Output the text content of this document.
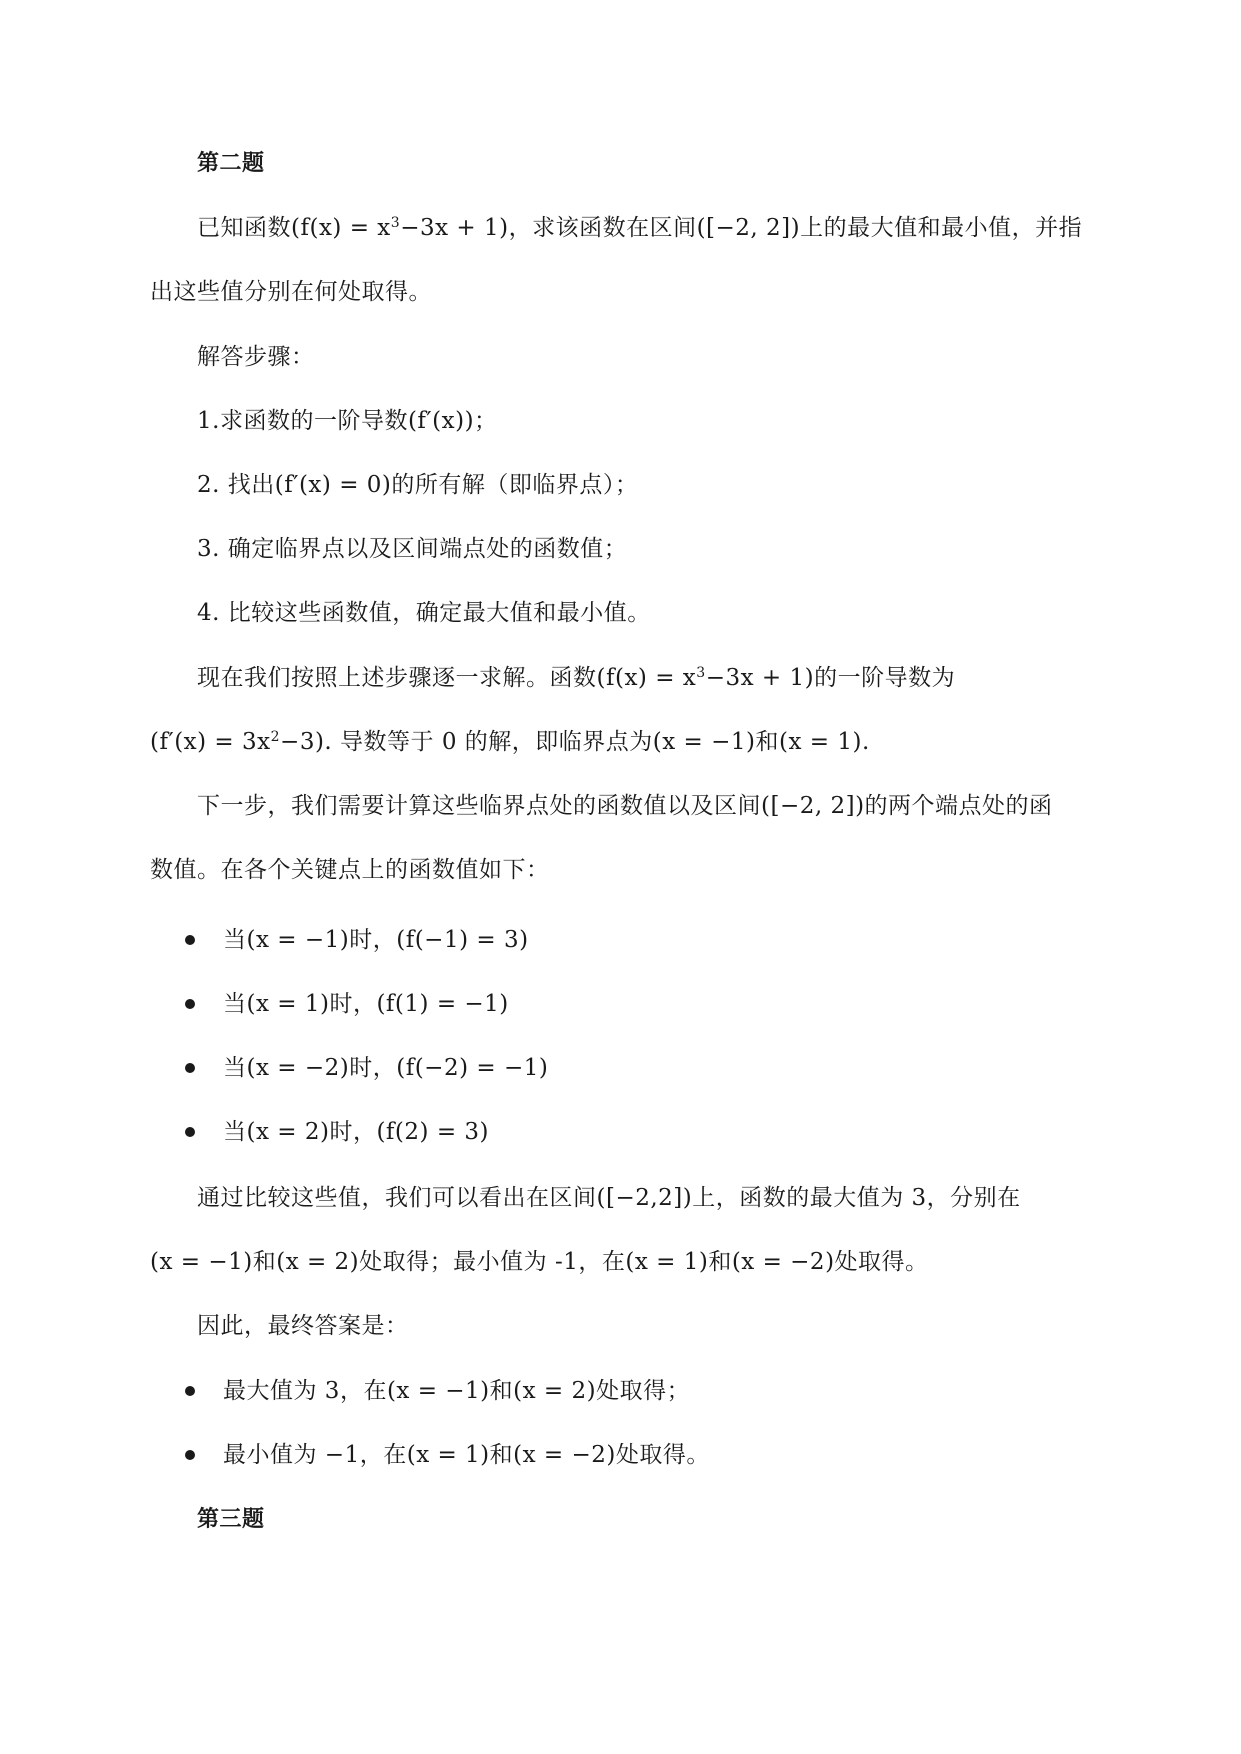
第二题
已知函数$(f(x) = x^3-3x + 1)$，求该函数在区间([−2, 2])上的最大值和最小值，并指
出这些值分别在何处取得。
解答步骤：
1.求函数的一阶导数(f′(x))；
2. 找出(f′(x) = 0)的所有解（即临界点）；
3. 确定临界点以及区间端点处的函数值；
4. 比较这些函数值，确定最大值和最小值。
现在我们按照上述步骤逐一求解。函数$(f(x) = x^3-3x + 1)$的一阶导数为
$(f'(x) = 3x^2-3)$. 导数等于 0 的解，即临界点为(x = −1)和(x = 1).
下一步，我们需要计算这些临界点处的函数值以及区间([−2, 2])的两个端点处的函
数值。在各个关键点上的函数值如下：
当(x = −1)时，(f(−1) = 3)
当(x = 1)时，(f(1) = −1)
当(x = −2)时，(f(−2) = −1)
当(x = 2)时，(f(2) = 3)
通过比较这些值，我们可以看出在区间([−2,2])上，函数的最大值为 3，分别在
(x = −1)和(x = 2)处取得；最小值为 -1，在(x = 1)和(x = −2)处取得。
因此，最终答案是：
最大值为 3，在(x = −1)和(x = 2)处取得；
最小值为 −1，在(x = 1)和(x = −2)处取得。
第三题
